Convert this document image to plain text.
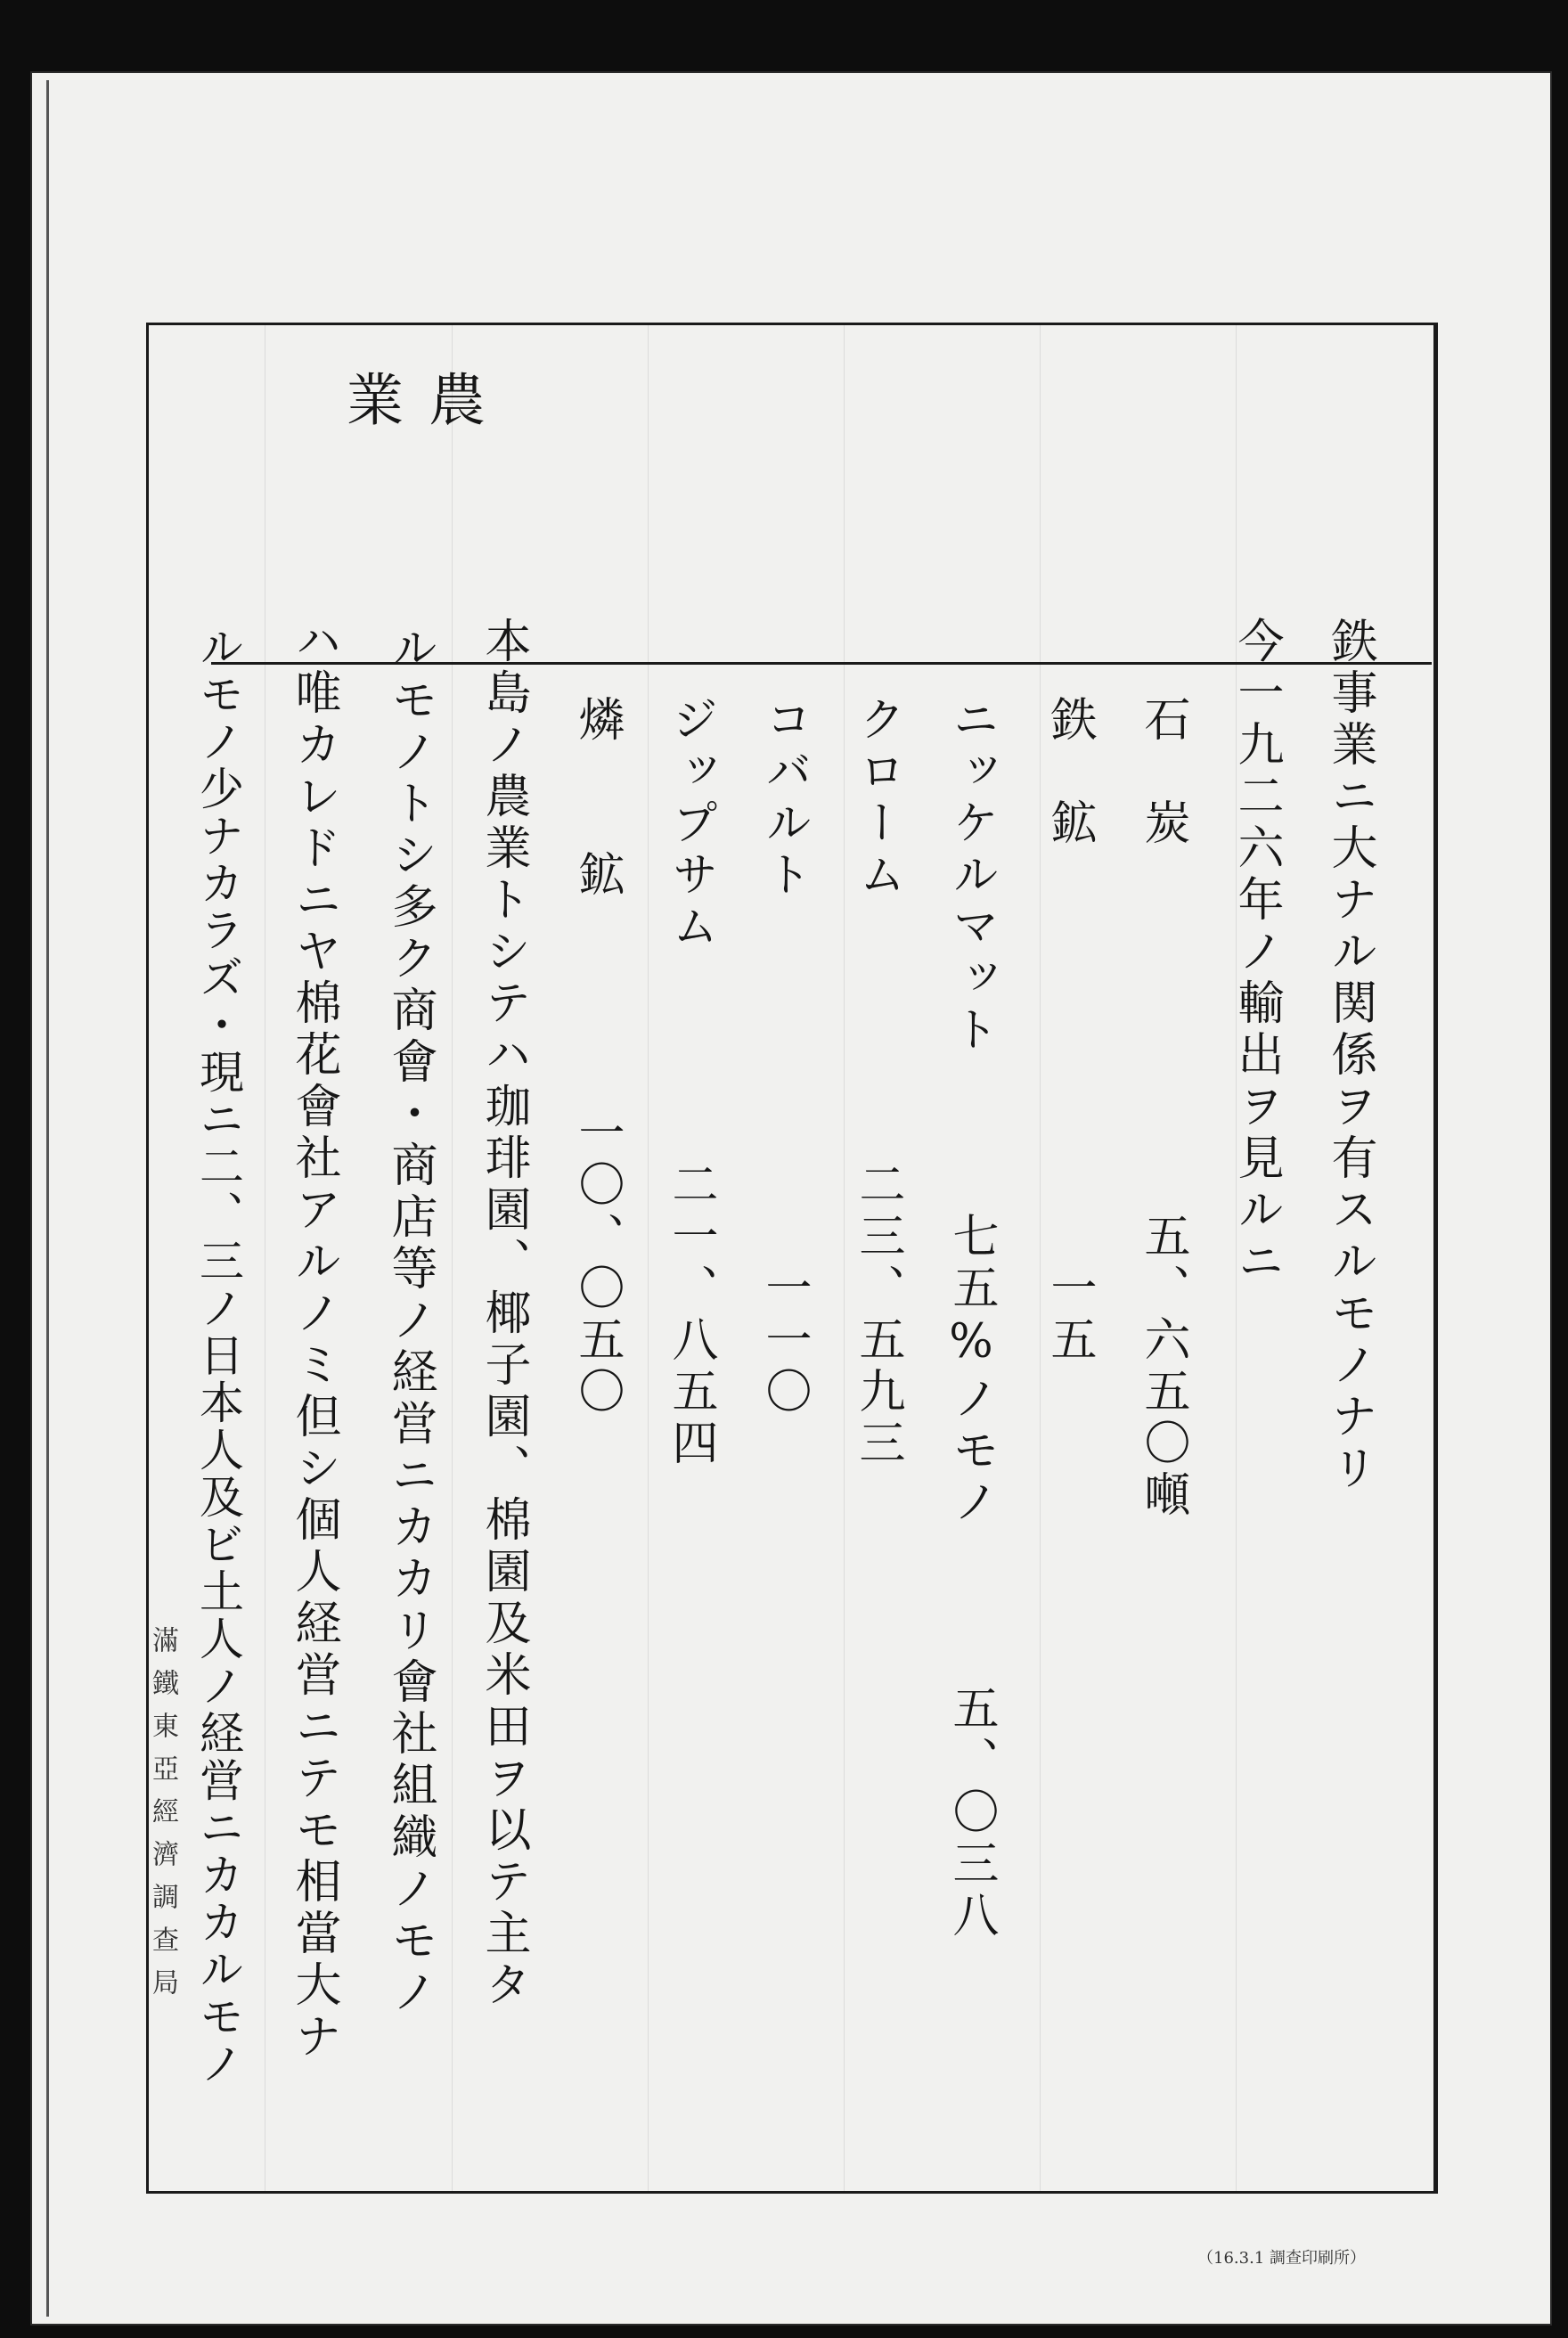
農
業
鉄事業ニ大ナル関係ヲ有スルモノナリ
今一九二六年ノ輸出ヲ見ルニ
石　炭　　　　　　　五、六五〇噸
鉄　鉱　　　　　　　　一五
ニッケルマット　　　七五%ノモノ　　　五、〇三八
クローム　　　　　二三、五九三
コバルト　　　　　　　一一〇
ジップサム　　　　二一、八五四
燐　　鉱　　　　一〇、〇五〇
本島ノ農業トシテハ珈琲園、椰子園、棉園及米田ヲ以テ主タ
ルモノトシ多ク商會・商店等ノ経営ニカカリ會社組織ノモノ
ハ唯カレドニヤ棉花會社アルノミ但シ個人経営ニテモ相當大ナ
ルモノ少ナカラズ・現ニ二、三ノ日本人及ビ土人ノ経営ニカカルモノ
滿鐵東亞經濟調查局
（16.3.1 調查印刷所）
